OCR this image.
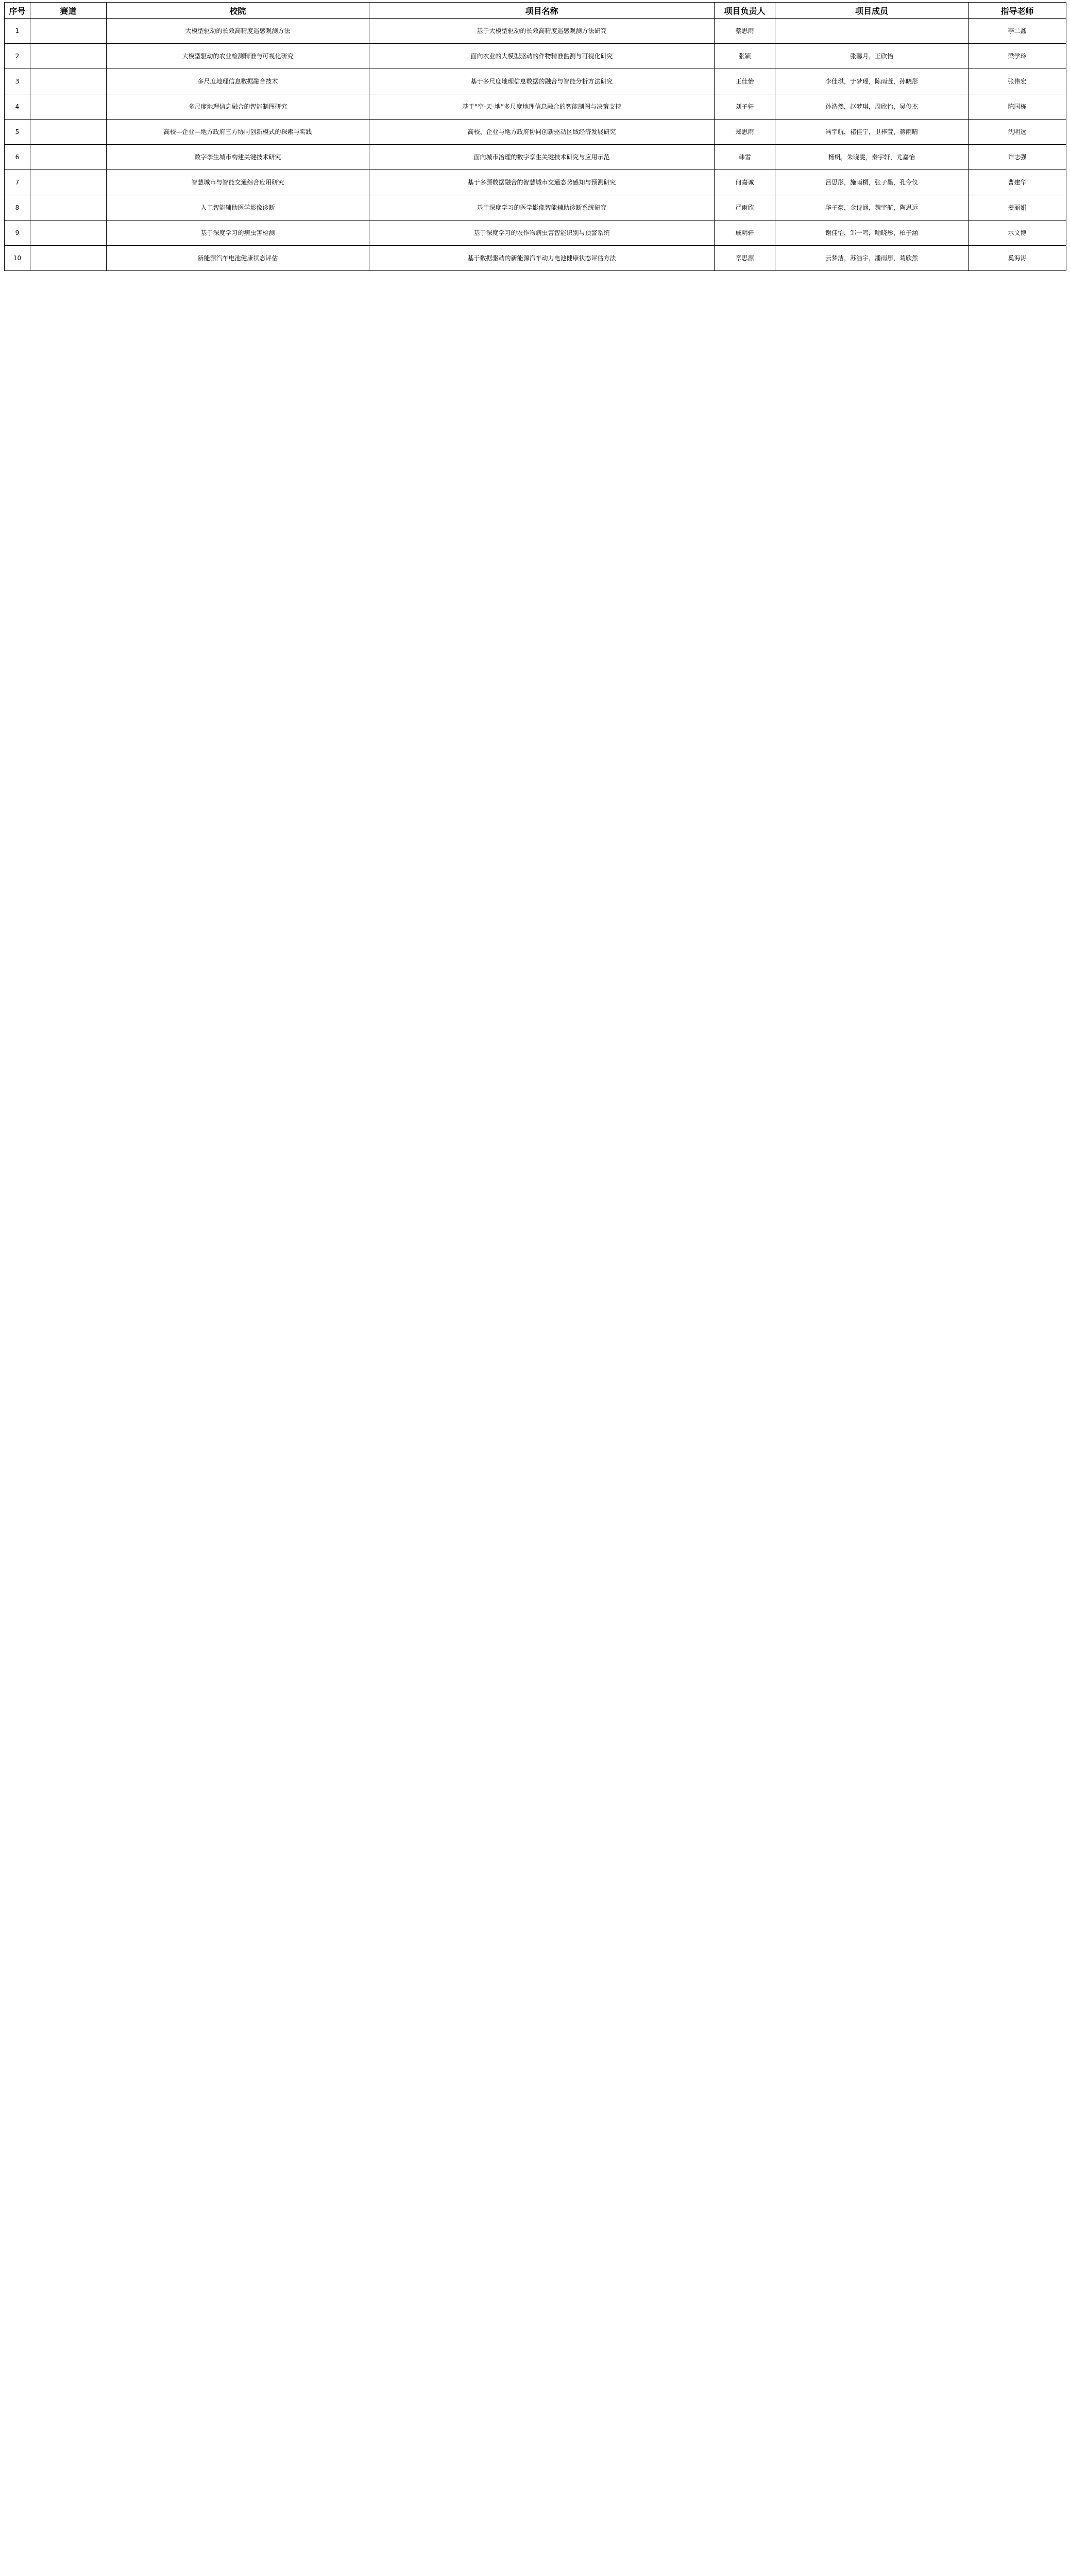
序号	赛道	校院	项目名称	项目负责人	项目成员	指导老师
1		大模型驱动的长效高精度遥感观测方法	基于大模型驱动的长效高精度遥感观测方法研究	蔡思雨		李二鑫
2		大模型驱动的农业检测精准与可视化研究	面向农业的大模型驱动的作物精准监测与可视化研究	张颖	张馨月，王欣怡	梁学玲
3		多尺度地理信息数据融合技术	基于多尺度地理信息数据的融合与智能分析方法研究	王佳怡	李佳琪，于梦瑶，陈雨萱，孙晓彤	张伟宏
4		多尺度地理信息融合的智能制图研究	基于“空-天-地”多尺度地理信息融合的智能制图与决策支持	刘子轩	孙浩然，赵梦琪，周欣怡，吴俊杰	陈国栋
5		高校—企业—地方政府三方协同创新模式的探索与实践	高校、企业与地方政府协同创新驱动区域经济发展研究	郑思雨	冯宇航，褚佳宁，卫梓萱，蒋雨晴	沈明远
6		数字孪生城市构建关键技术研究	面向城市治理的数字孪生关键技术研究与应用示范	韩雪	杨帆，朱晓雯，秦宇轩，尤嘉怡	许志强
7		智慧城市与智能交通综合应用研究	基于多源数据融合的智慧城市交通态势感知与预测研究	何嘉诚	吕思彤，施雨桐，张子墨，孔令仪	曹建华
8		人工智能辅助医学影像诊断	基于深度学习的医学影像智能辅助诊断系统研究	严雨欣	华子豪，金诗涵，魏宇航，陶思远	姜丽娟
9		基于深度学习的病虫害检测	基于深度学习的农作物病虫害智能识别与预警系统	戚明轩	谢佳怡，邹一鸣，喻晓彤，柏子涵	水文博
10		新能源汽车电池健康状态评估	基于数据驱动的新能源汽车动力电池健康状态评估方法	章思源	云梦洁，苏浩宇，潘雨彤，葛欣然	奚海涛
